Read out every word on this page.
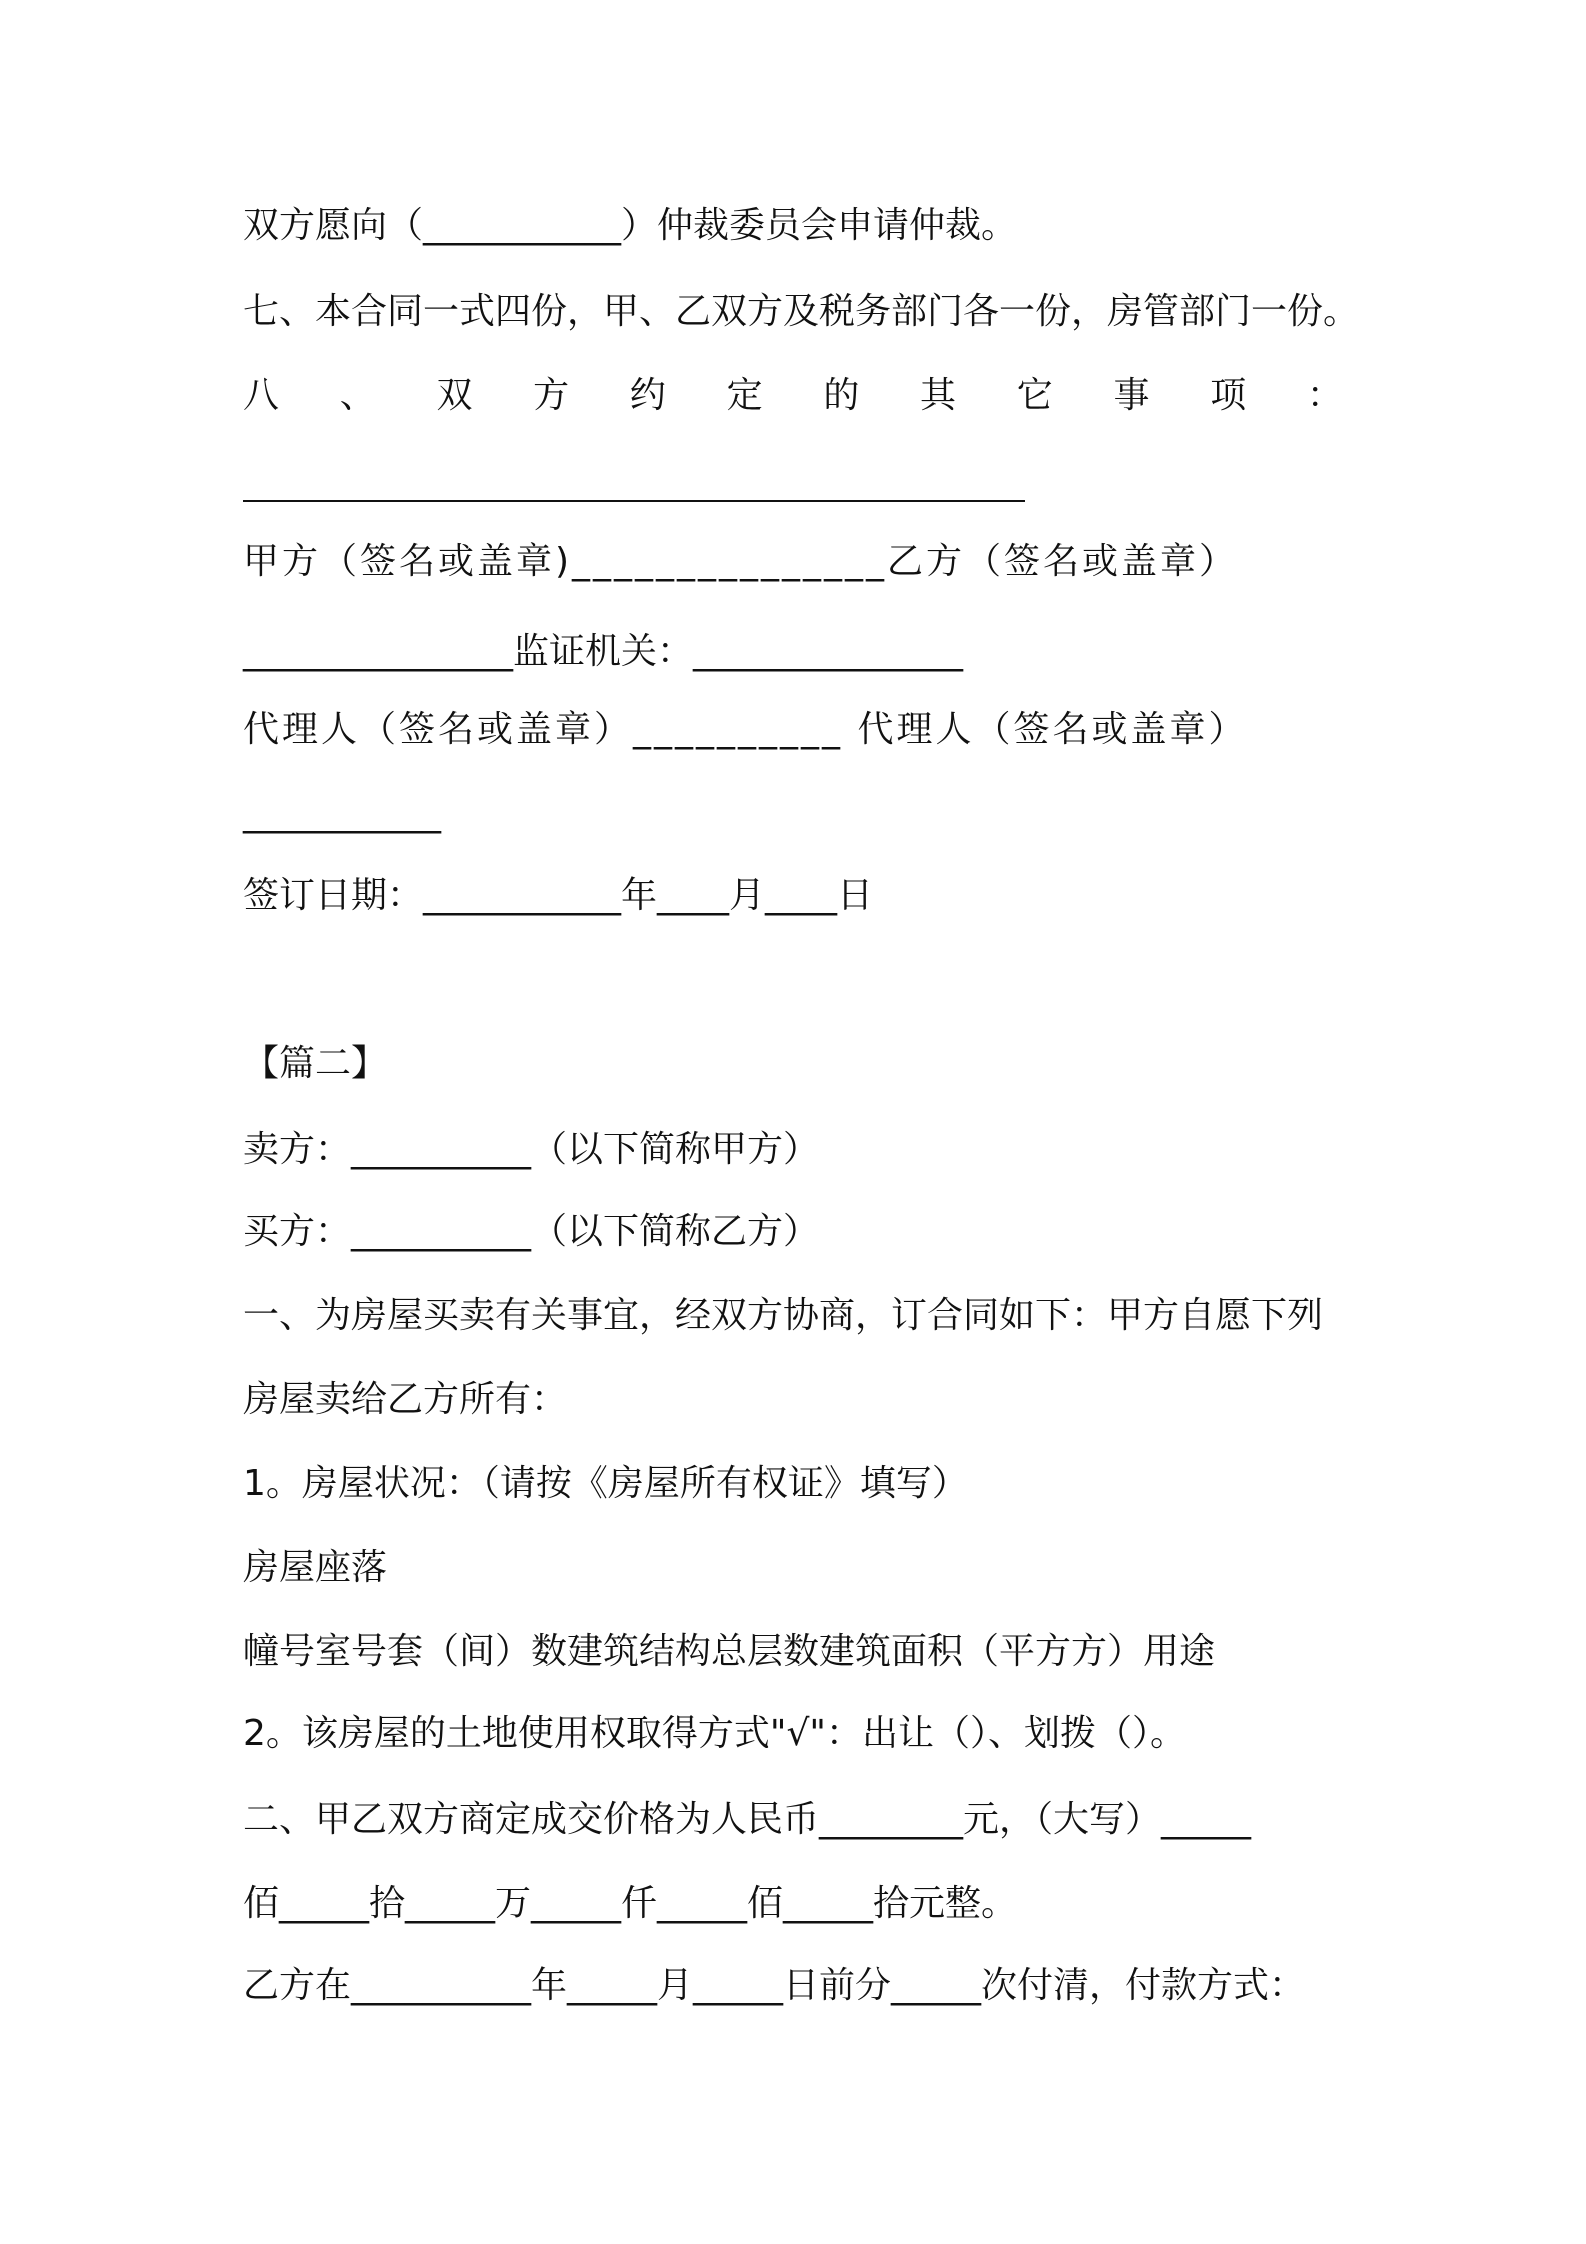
双方愿向（___________）仲裁委员会申请仲裁。

七、本合同一式四份，甲、乙双方及税务部门各一份，房管部门一份。

八 、 双 方 约 定 的 其 它 事 项 ：

甲方（签名或盖章)_______________乙方（签名或盖章）

_______________监证机关：_______________

代理人（签名或盖章）__________ 代理人（签名或盖章）

___________

签订日期：___________年____月____日

【篇二】

卖方：__________（以下简称甲方）

买方：__________（以下简称乙方）

一、为房屋买卖有关事宜，经双方协商，订合同如下：甲方自愿下列

房屋卖给乙方所有：

1。房屋状况：（请按《房屋所有权证》填写）

房屋座落

幢号室号套（间）数建筑结构总层数建筑面积（平方方）用途

2。该房屋的土地使用权取得方式"√"：出让（）、划拨（）。

二、甲乙双方商定成交价格为人民币________元，（大写）_____

佰_____拾_____万_____仟_____佰_____拾元整。

乙方在__________年_____月_____日前分_____次付清，付款方式：
